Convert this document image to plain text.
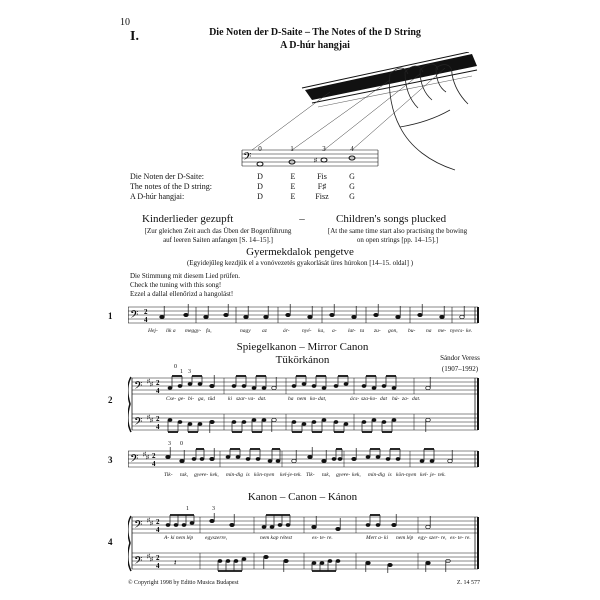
10
I.	Die Noten der D-Saite – The Notes of the D String
A D-húr hangjai
𝄢	♯
0	1	3	4
Die Noten der D-Saite:	D	E	Fis	G
The notes of the D string:	D	E	F♯	G
A D-húr hangjai:	D	E	Fisz	G
Kinderlieder gezupft	–	Children's songs plucked
[Zur gleichen Zeit auch das Üben der Bogenführung
auf leeren Saiten anfangen [S. 14–15].]
[At the same time start also practising the bowing
on open strings [pp. 14–15].]
Gyermekdalok pengetve
(Egyidejűleg kezdjük el a vonóvezetés gyakorlását üres húrokon [14–15. oldal] )
Die Stimmung mit diesem Lied prüfen.
Check the tuning with this song!
Ezzel a dallal ellenőrizd a hangolást!
1 𝄢 2
4
Hej- lik a meggy- fa,	nagy az	ár- nyé- ka, a- lat- ta zu- gon, bu- na me- nyecs- ke.
Spiegelkanon – Mirror Canon
Tükörkánon	Sándor Veress
(1907–1992)
2
0
1 3
𝄢
𝄢
♯ ♯
♯ ♯
2
4
2
4
Cse- ge- bi- ga, tüd ki szar- va- dat.	ha nem ko- dat,	ács- sza- ko- dat hú- za- dat.
3
3 0
𝄢 ♯ ♯ 2
4
Tik- tak, gye-
re- kek, min- dig is kön- nyen kel- je- tek. Tik- tak, gye-
re- kek, min- dig is kön- nyen kel- je- tek.
Kanon – Canon – Kánon
4
1	3
𝄢
𝄢
♯ ♯
♯ ♯
2
4
2
4 𝄽
A- ki nem lép egyszerre,	nem kap rétest	es- te- re.	Mert a- ki nem lép egy- szer- re, es- te- re.
© Copyright 1998 by Editio Musica Budapest	Z. 14 577
